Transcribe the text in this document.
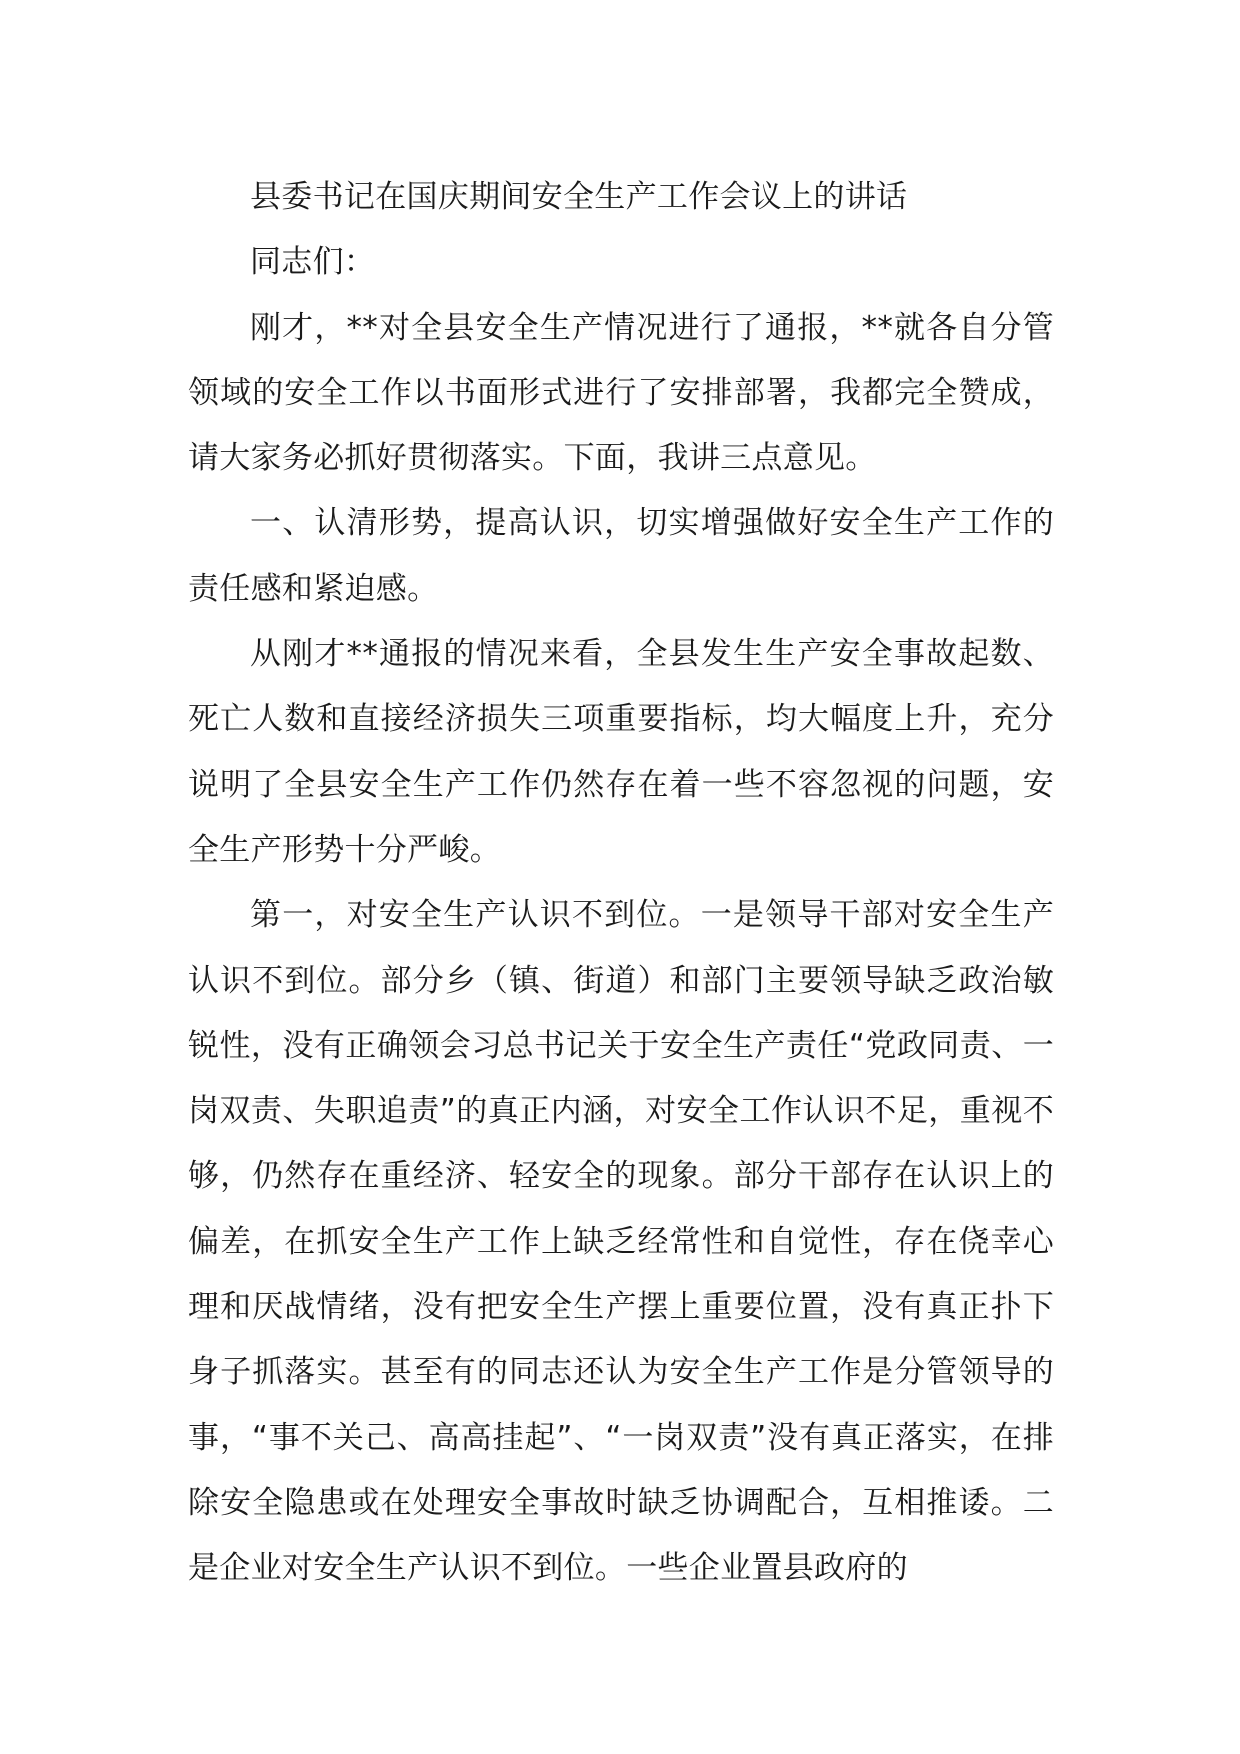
县委书记在国庆期间安全生产工作会议上的讲话

同志们：

刚才，**对全县安全生产情况进行了通报，**就各自分管领域的安全工作以书面形式进行了安排部署，我都完全赞成，请大家务必抓好贯彻落实。下面，我讲三点意见。

一、认清形势，提高认识，切实增强做好安全生产工作的责任感和紧迫感。

从刚才**通报的情况来看，全县发生生产安全事故起数、死亡人数和直接经济损失三项重要指标，均大幅度上升，充分说明了全县安全生产工作仍然存在着一些不容忽视的问题，安全生产形势十分严峻。

第一，对安全生产认识不到位。一是领导干部对安全生产认识不到位。部分乡（镇、街道）和部门主要领导缺乏政治敏锐性，没有正确领会习总书记关于安全生产责任“党政同责、一岗双责、失职追责”的真正内涵，对安全工作认识不足，重视不够，仍然存在重经济、轻安全的现象。部分干部存在认识上的偏差，在抓安全生产工作上缺乏经常性和自觉性，存在侥幸心理和厌战情绪，没有把安全生产摆上重要位置，没有真正扑下身子抓落实。甚至有的同志还认为安全生产工作是分管领导的事，“事不关己、高高挂起”、“一岗双责”没有真正落实，在排除安全隐患或在处理安全事故时缺乏协调配合，互相推诿。二是企业对安全生产认识不到位。一些企业置县政府的
